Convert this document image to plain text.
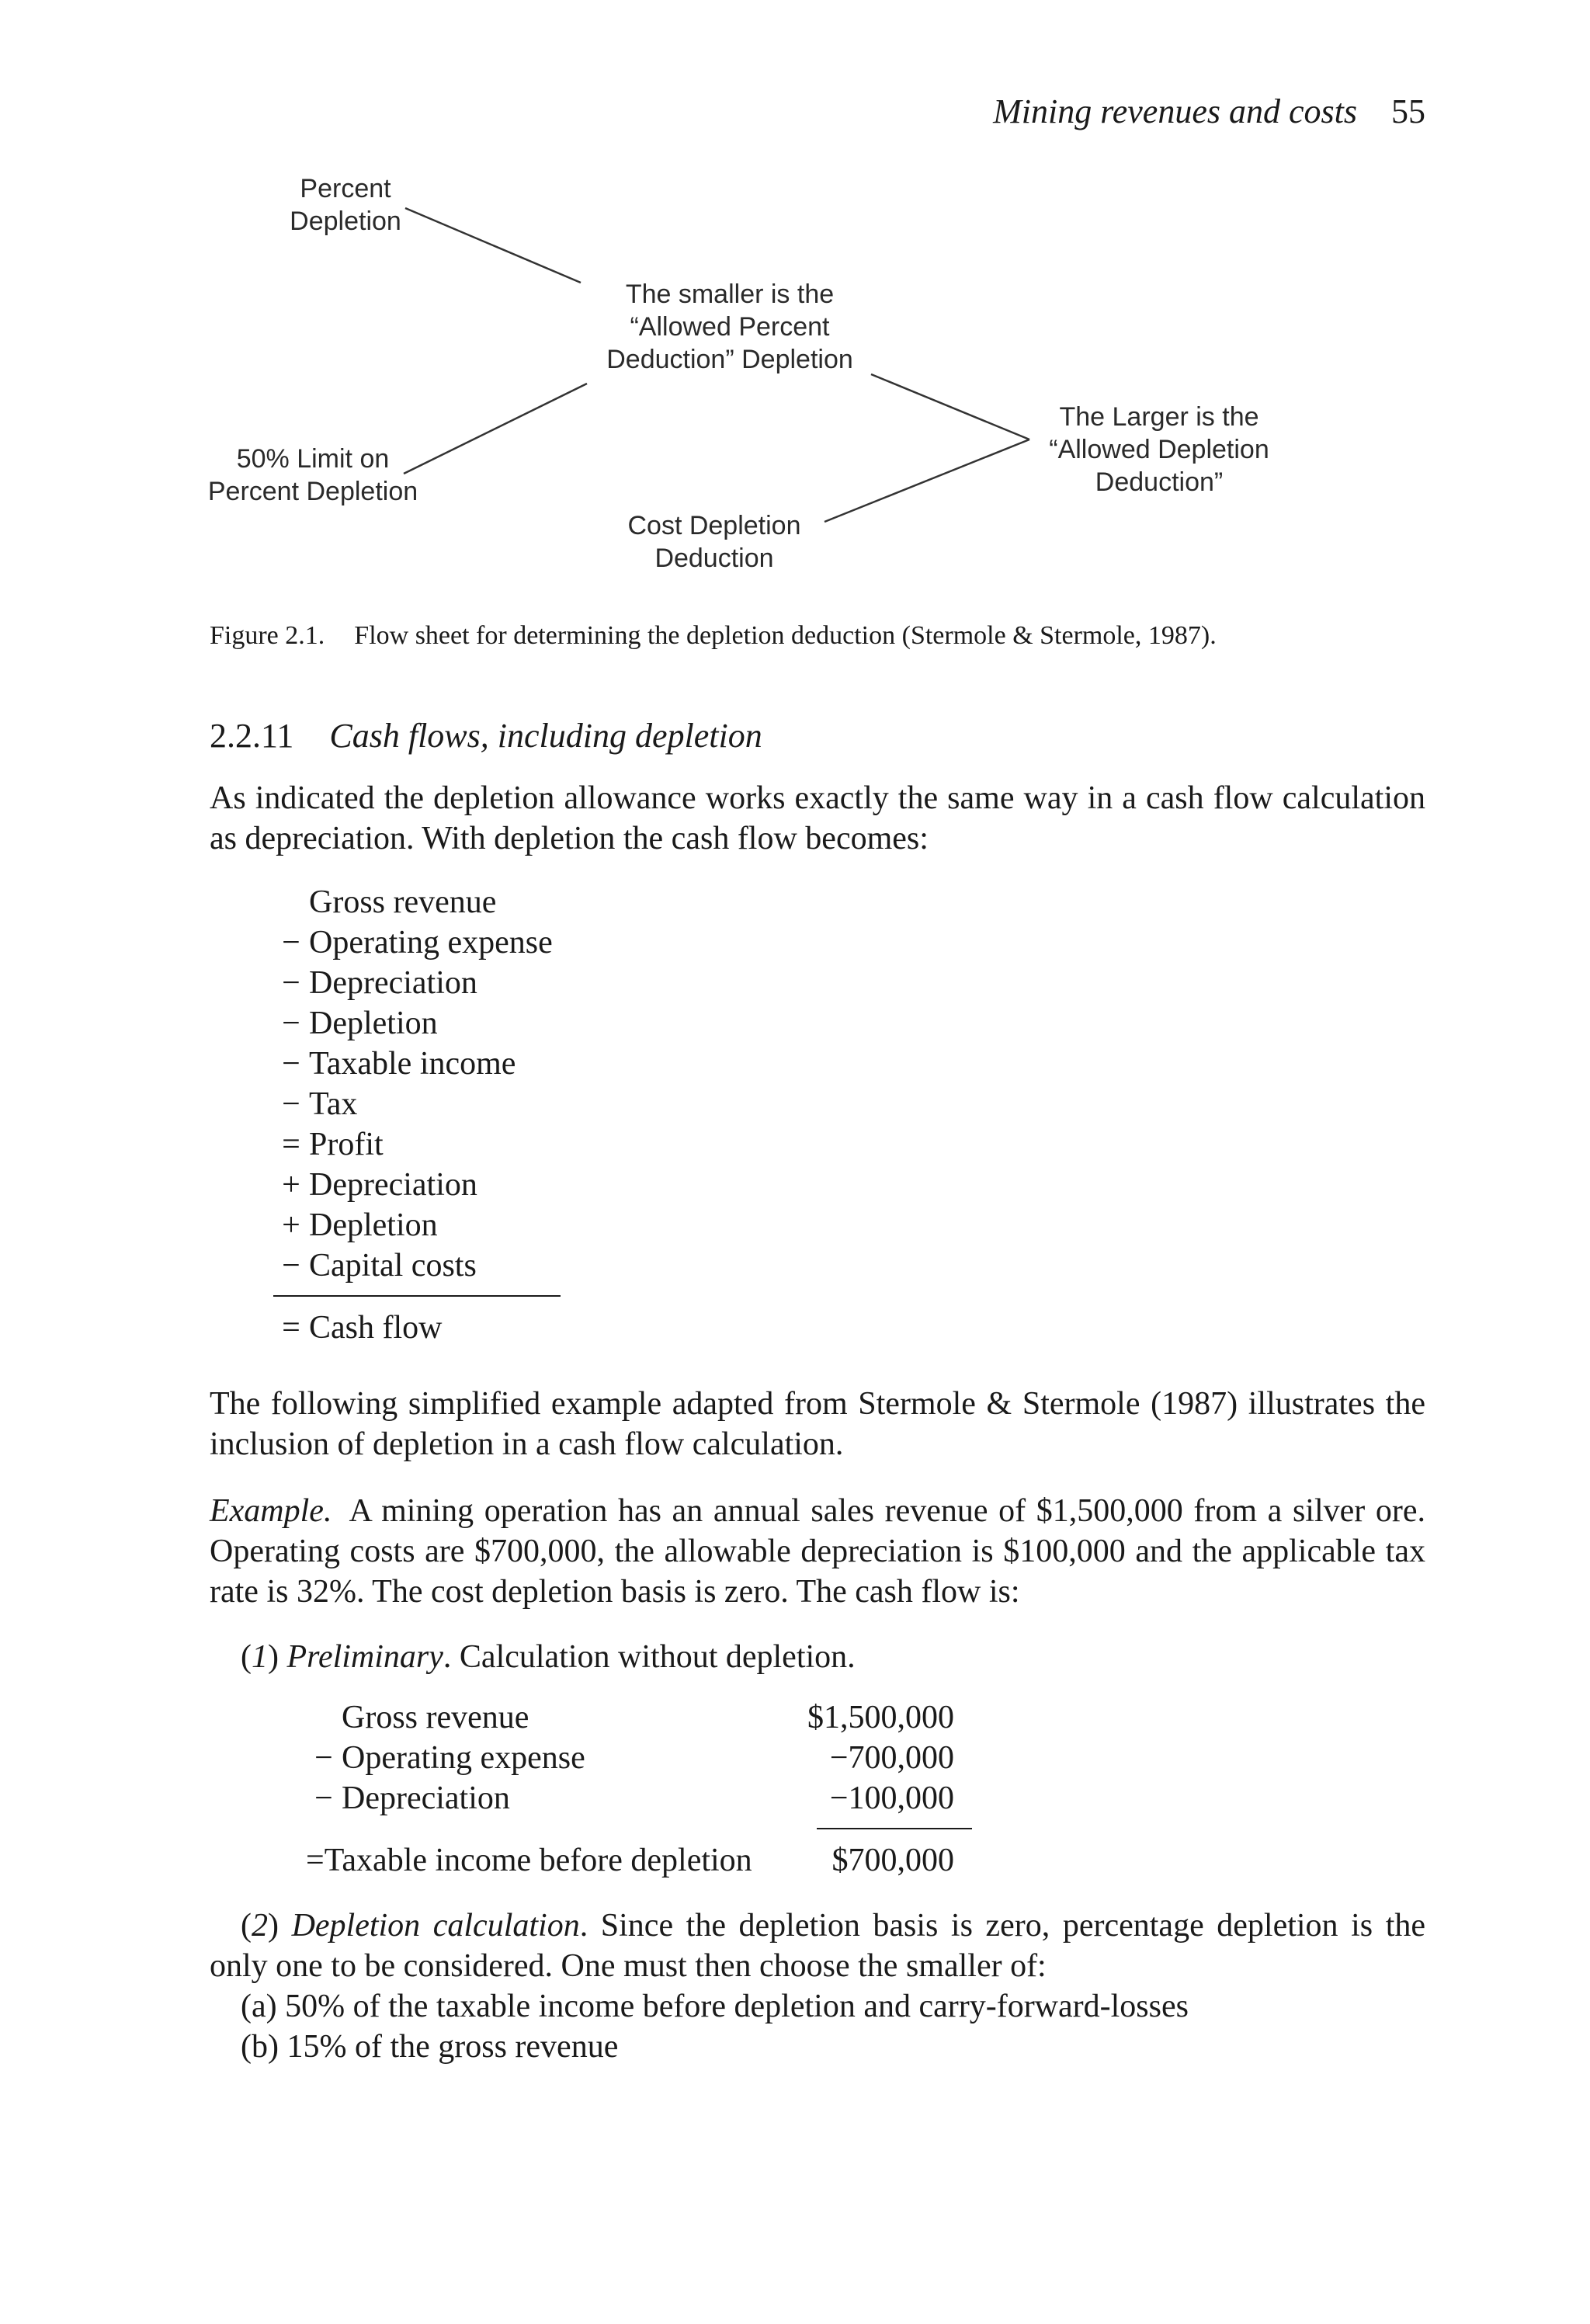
Mining revenues and costs 55
Percent
Depletion
50% Limit on
Percent Depletion
The smaller is the
“Allowed Percent
Deduction” Depletion
Cost Depletion
Deduction
The Larger is the
“Allowed Depletion
Deduction”
Figure 2.1. Flow sheet for determining the depletion deduction (Stermole & Stermole, 1987).
2.2.11 Cash flows, including depletion
As indicated the depletion allowance works exactly the same way in a cash flow calculation
as depreciation. With depletion the cash flow becomes:
Gross revenue
− Operating expense
− Depreciation
− Depletion
− Taxable income
− Tax
= Profit
+ Depreciation
+ Depletion
− Capital costs
= Cash flow
The following simplified example adapted from Stermole & Stermole (1987) illustrates the
inclusion of depletion in a cash flow calculation.
Example. A mining operation has an annual sales revenue of $1,500,000 from a silver ore.
Operating costs are $700,000, the allowable depreciation is $100,000 and the applicable tax
rate is 32%. The cost depletion basis is zero. The cash flow is:
(1) Preliminary. Calculation without depletion.
Gross revenue	$1,500,000
− Operating expense	−700,000
− Depreciation	−100,000
= Taxable income before depletion	$700,000
(2) Depletion calculation. Since the depletion basis is zero, percentage depletion is the
only one to be considered. One must then choose the smaller of:
(a) 50% of the taxable income before depletion and carry-forward-losses
(b) 15% of the gross revenue
